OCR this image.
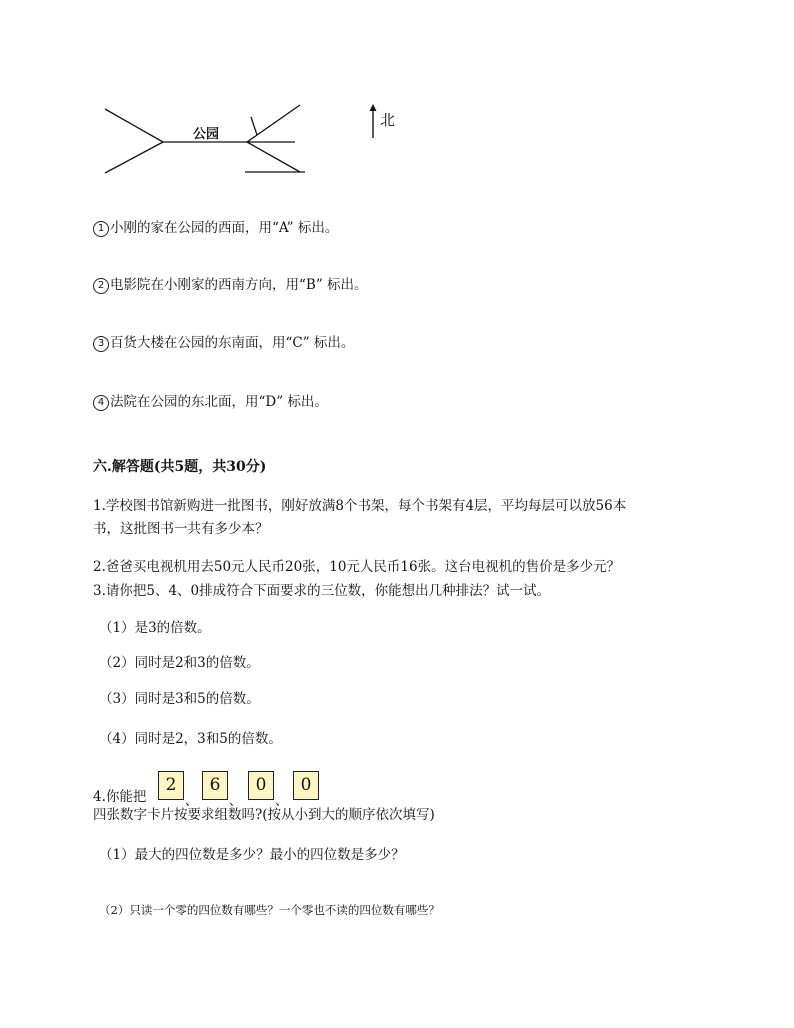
公园
北
1 小刚的家在公园的西面，用“A” 标出。
2 电影院在小刚家的西南方向，用“B” 标出。
3 百货大楼在公园的东南面，用“C” 标出。
4 法院在公园的东北面，用“D” 标出。
六.解答题(共5题，共30分)
1.学校图书馆新购进一批图书，刚好放满8个书架，每个书架有4层，平均每层可以放56本
书，这批图书一共有多少本？
2.爸爸买电视机用去50元人民币20张，10元人民币16张。这台电视机的售价是多少元？
3.请你把5、4、0排成符合下面要求的三位数，你能想出几种排法？试一试。
（1）是3的倍数。
（2）同时是2和3的倍数。
（3）同时是3和5的倍数。
（4）同时是2，3和5的倍数。
4.你能把
2
、
6
、
0
、
0
四张数字卡片按要求组数吗?(按从小到大的顺序依次填写)
（1）最大的四位数是多少？最小的四位数是多少？
（2）只读一个零的四位数有哪些？一个零也不读的四位数有哪些？
